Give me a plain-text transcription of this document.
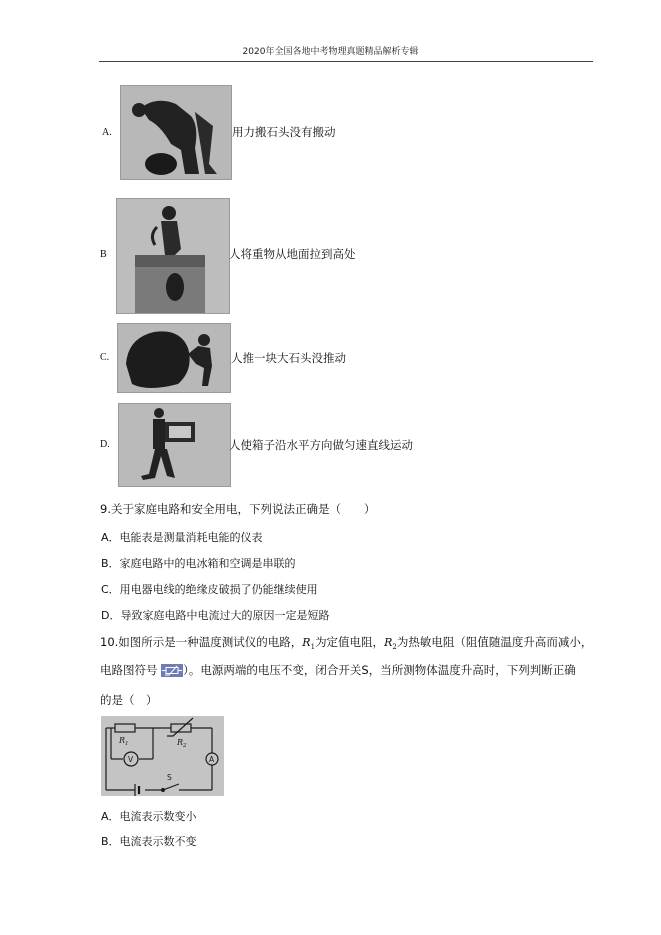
2020年全国各地中考物理真题精品解析专辑
A.	用力搬石头没有搬动
B	人将重物从地面拉到高处
C.	人推一块大石头没推动
D.	人使箱子沿水平方向做匀速直线运动
9.关于家庭电路和安全用电，下列说法正确是（　　）
A．电能表是测量消耗电能的仪表
B．家庭电路中的电冰箱和空调是串联的
C．用电器电线的绝缘皮破损了仍能继续使用
D．导致家庭电路中电流过大的原因一定是短路
10.如图所示是一种温度测试仪的电路，$R_1$为定值电阻，$R_2$为热敏电阻（阻值随温度升高而减小，
电路图符号 ）。电源两端的电压不变，闭合开关S，当所测物体温度升高时，下列判断正确
的是（　）
$R_1$	$R_2$
V	A
S
A．电流表示数变小
B．电流表示数不变
